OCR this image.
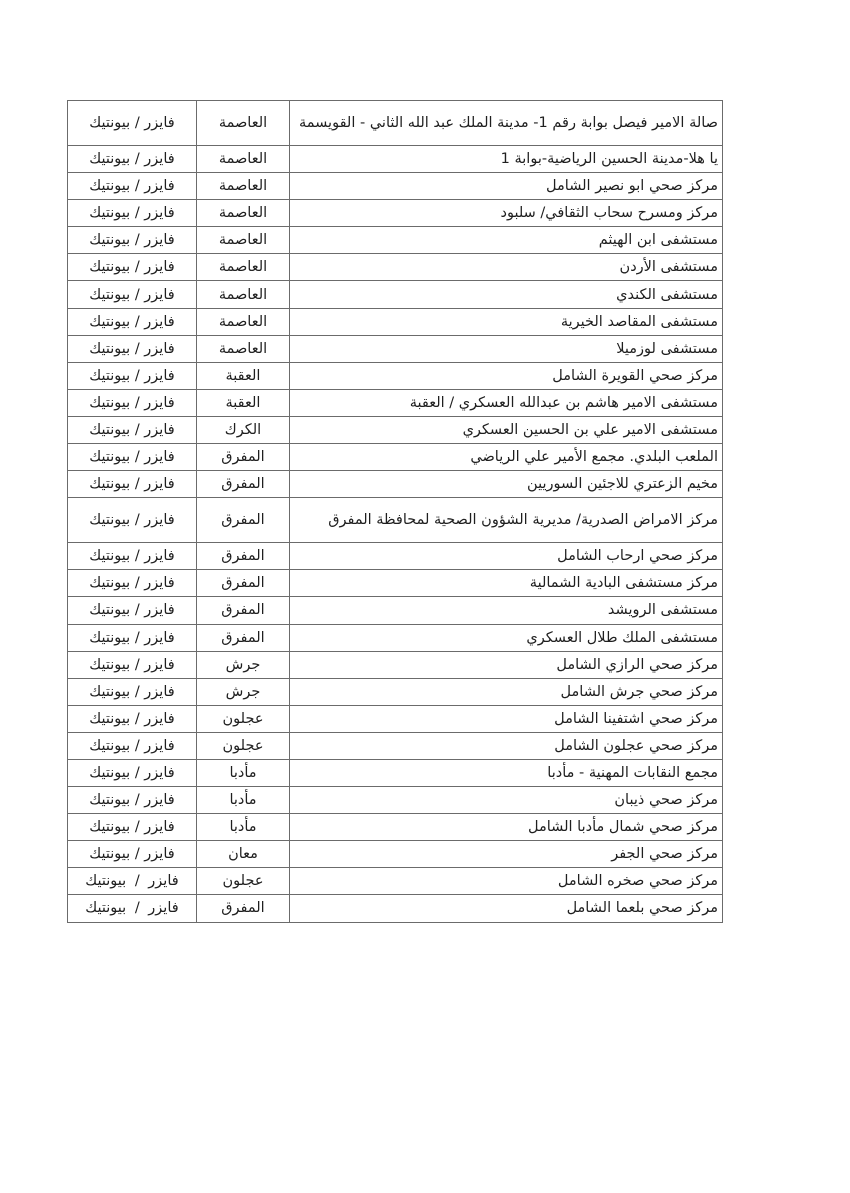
صالة الامير فيصل بوابة رقم 1- مدينة الملك عبد الله الثاني - القويسمة	العاصمة	فايزر / بيونتيك
يا هلا-مدينة الحسين الرياضية-بوابة 1	العاصمة	فايزر / بيونتيك
مركز صحي ابو نصير الشامل	العاصمة	فايزر / بيونتيك
مركز ومسرح سحاب الثقافي/ سلبود	العاصمة	فايزر / بيونتيك
مستشفى ابن الهيثم	العاصمة	فايزر / بيونتيك
مستشفى الأردن	العاصمة	فايزر / بيونتيك
مستشفى الكندي	العاصمة	فايزر / بيونتيك
مستشفى المقاصد الخيرية	العاصمة	فايزر / بيونتيك
مستشفى لوزميلا	العاصمة	فايزر / بيونتيك
مركز صحي القويرة الشامل	العقبة	فايزر / بيونتيك
مستشفى الامير هاشم بن عبدالله العسكري / العقبة	العقبة	فايزر / بيونتيك
مستشفى الامير علي بن الحسين العسكري	الكرك	فايزر / بيونتيك
الملعب البلدي. مجمع الأمير علي الرياضي	المفرق	فايزر / بيونتيك
مخيم الزعتري للاجئين السوريين	المفرق	فايزر / بيونتيك
مركز الامراض الصدرية/ مديرية الشؤون الصحية لمحافظة المفرق	المفرق	فايزر / بيونتيك
مركز صحي ارحاب الشامل	المفرق	فايزر / بيونتيك
مركز مستشفى البادية الشمالية	المفرق	فايزر / بيونتيك
مستشفى الرويشد	المفرق	فايزر / بيونتيك
مستشفى الملك طلال العسكري	المفرق	فايزر / بيونتيك
مركز صحي الرازي الشامل	جرش	فايزر / بيونتيك
مركز صحي جرش الشامل	جرش	فايزر / بيونتيك
مركز صحي اشتفينا الشامل	عجلون	فايزر / بيونتيك
مركز صحي عجلون الشامل	عجلون	فايزر / بيونتيك
مجمع النقابات المهنية - مأدبا	مأدبا	فايزر / بيونتيك
مركز صحي ذيبان	مأدبا	فايزر / بيونتيك
مركز صحي شمال مأدبا الشامل	مأدبا	فايزر / بيونتيك
مركز صحي الجفر	معان	فايزر / بيونتيك
مركز صحي صخره الشامل	عجلون	فايزر / بيونتيك
مركز صحي بلعما الشامل	المفرق	فايزر / بيونتيك
